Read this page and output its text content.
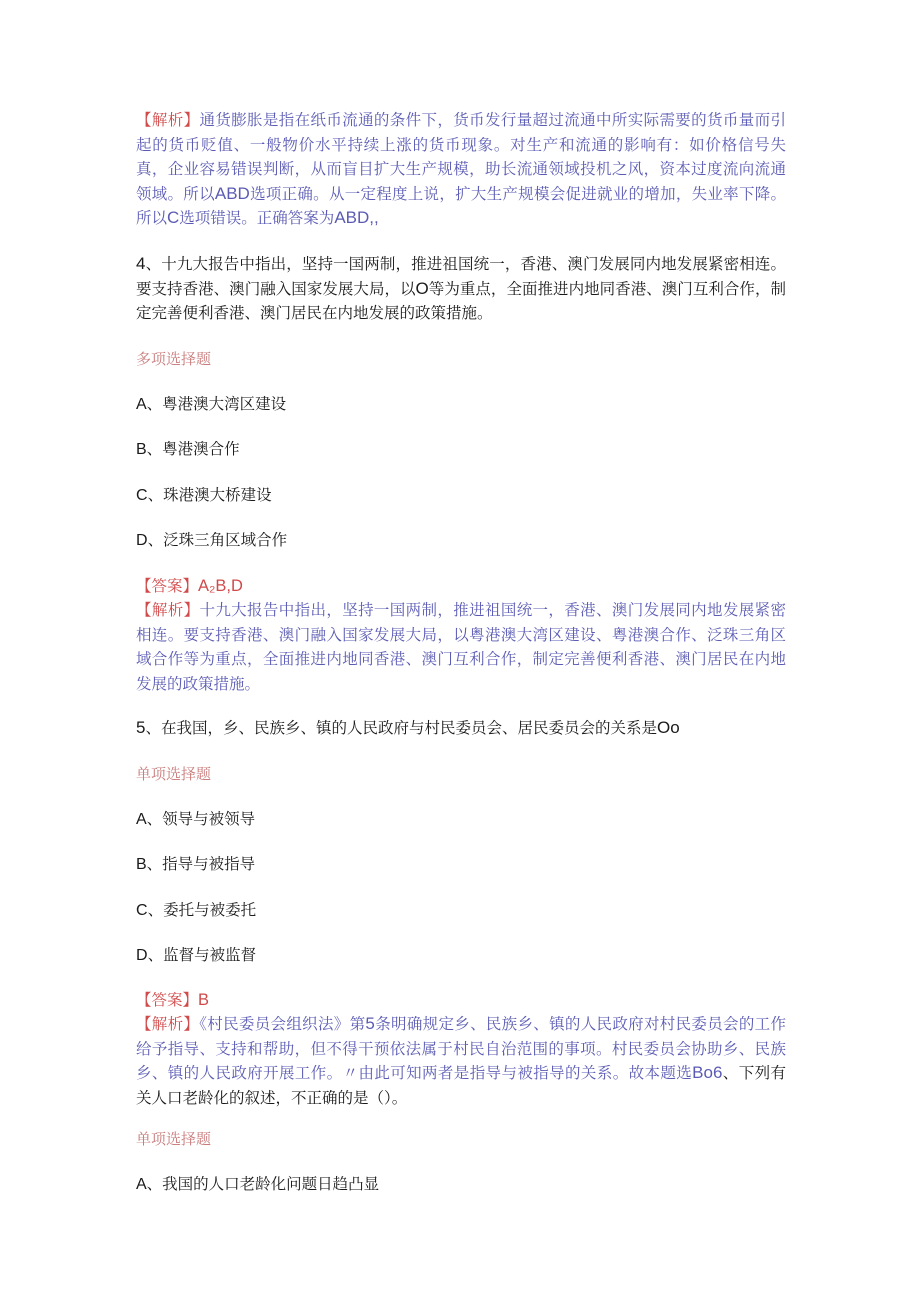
【解析】通货膨胀是指在纸币流通的条件下，货币发行量超过流通中所实际需要的货币量而引起的货币贬值、一般物价水平持续上涨的货币现象。对生产和流通的影响有：如价格信号失真，企业容易错误判断，从而盲目扩大生产规模，助长流通领域投机之风，资本过度流向流通领域。所以ABD选项正确。从一定程度上说，扩大生产规模会促进就业的增加，失业率下降。所以C选项错误。正确答案为ABD,,

4、十九大报告中指出，坚持一国两制，推进祖国统一，香港、澳门发展同内地发展紧密相连。要支持香港、澳门融入国家发展大局，以O等为重点，全面推进内地同香港、澳门互利合作，制定完善便利香港、澳门居民在内地发展的政策措施。

多项选择题

A、粤港澳大湾区建设

B、粤港澳合作

C、珠港澳大桥建设

D、泛珠三角区域合作

【答案】A₂B,D

【解析】十九大报告中指出，坚持一国两制，推进祖国统一，香港、澳门发展同内地发展紧密相连。要支持香港、澳门融入国家发展大局，以粤港澳大湾区建设、粤港澳合作、泛珠三角区域合作等为重点，全面推进内地同香港、澳门互利合作，制定完善便利香港、澳门居民在内地发展的政策措施。

5、在我国，乡、民族乡、镇的人民政府与村民委员会、居民委员会的关系是Oo

单项选择题

A、领导与被领导

B、指导与被指导

C、委托与被委托

D、监督与被监督

【答案】B

【解析】《村民委员会组织法》第5条明确规定乡、民族乡、镇的人民政府对村民委员会的工作给予指导、支持和帮助，但不得干预依法属于村民自治范围的事项。村民委员会协助乡、民族乡、镇的人民政府开展工作。〃由此可知两者是指导与被指导的关系。故本题选Bo6、下列有关人口老龄化的叙述，不正确的是（）。

单项选择题

A、我国的人口老龄化问题日趋凸显
